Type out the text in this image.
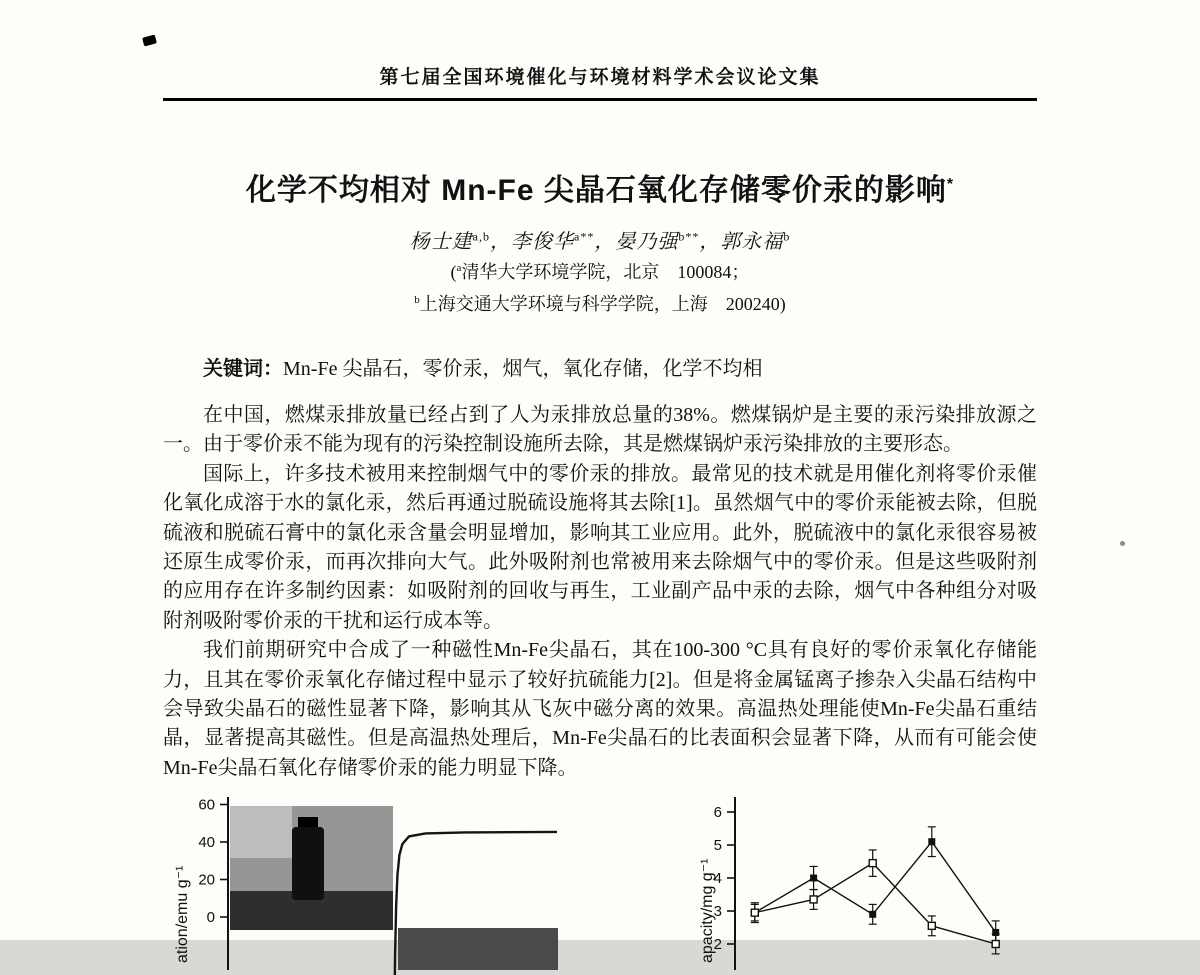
第七届全国环境催化与环境材料学术会议论文集
化学不均相对 Mn-Fe 尖晶石氧化存储零价汞的影响*
杨士建$^{a,b}$，李俊华$^{a**}$，晏乃强$^{b**}$，郭永福$^b$
($^a$清华大学环境学院，北京　100084；
$^b$上海交通大学环境与科学学院，上海　200240)
关键词：Mn-Fe 尖晶石，零价汞，烟气，氧化存储，化学不均相

在中国，燃煤汞排放量已经占到了人为汞排放总量的38%。燃煤锅炉是主要的汞污染排放源之一。由于零价汞不能为现有的污染控制设施所去除，其是燃煤锅炉汞污染排放的主要形态。

国际上，许多技术被用来控制烟气中的零价汞的排放。最常见的技术就是用催化剂将零价汞催化氧化成溶于水的氯化汞，然后再通过脱硫设施将其去除[1]。虽然烟气中的零价汞能被去除，但脱硫液和脱硫石膏中的氯化汞含量会明显增加，影响其工业应用。此外，脱硫液中的氯化汞很容易被还原生成零价汞，而再次排向大气。此外吸附剂也常被用来去除烟气中的零价汞。但是这些吸附剂的应用存在许多制约因素：如吸附剂的回收与再生，工业副产品中汞的去除，烟气中各种组分对吸附剂吸附零价汞的干扰和运行成本等。

我们前期研究中合成了一种磁性Mn-Fe尖晶石，其在100-300 °C具有良好的零价汞氧化存储能力，且其在零价汞氧化存储过程中显示了较好抗硫能力[2]。但是将金属锰离子掺杂入尖晶石结构中会导致尖晶石的磁性显著下降，影响其从飞灰中磁分离的效果。高温热处理能使Mn-Fe尖晶石重结晶，显著提高其磁性。但是高温热处理后，Mn-Fe尖晶石的比表面积会显著下降，从而有可能会使Mn-Fe尖晶石氧化存储零价汞的能力明显下降。

ation/emu g⁻¹
60
40
20
0	apacity/mg g⁻¹
6
5
4
3
2
